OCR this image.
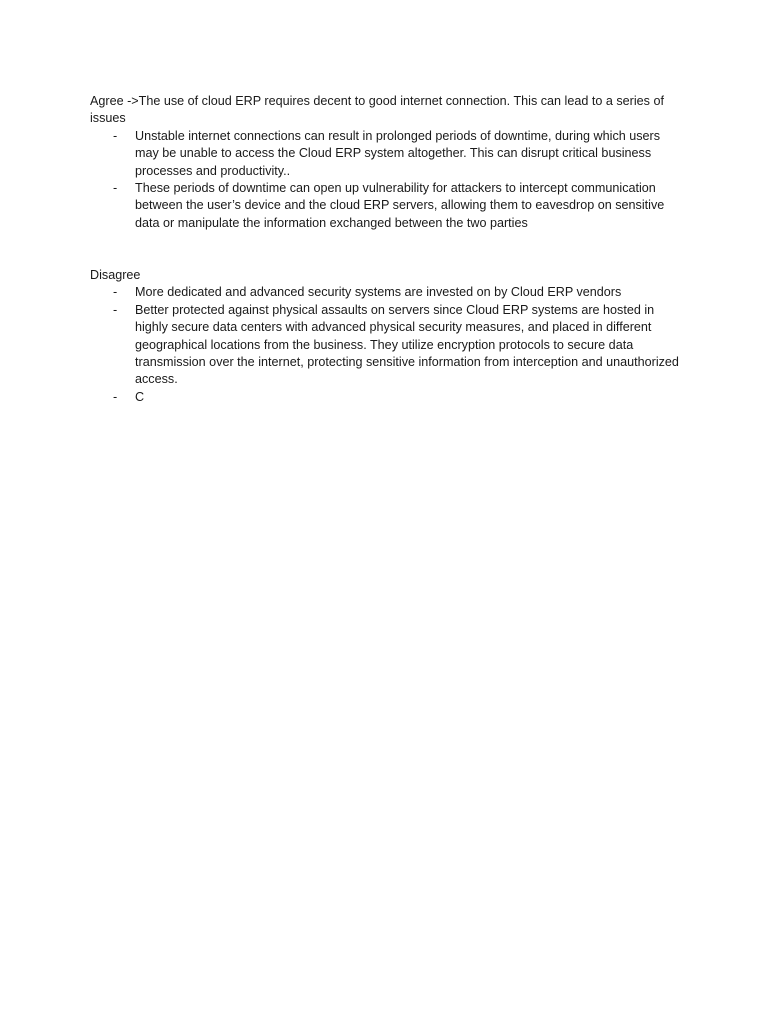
Agree ->The use of cloud ERP requires decent to good internet connection. This can lead to a series of issues

- Unstable internet connections can result in prolonged periods of downtime, during which users may be unable to access the Cloud ERP system altogether. This can disrupt critical business processes and productivity..
- These periods of downtime can open up vulnerability for attackers to intercept communication between the user’s device and the cloud ERP servers, allowing them to eavesdrop on sensitive data or manipulate the information exchanged between the two parties

Disagree

- More dedicated and advanced security systems are invested on by Cloud ERP vendors
- Better protected against physical assaults on servers since Cloud ERP systems are hosted in highly secure data centers with advanced physical security measures, and placed in different geographical locations from the business. They utilize encryption protocols to secure data transmission over the internet, protecting sensitive information from interception and unauthorized access.
- C
